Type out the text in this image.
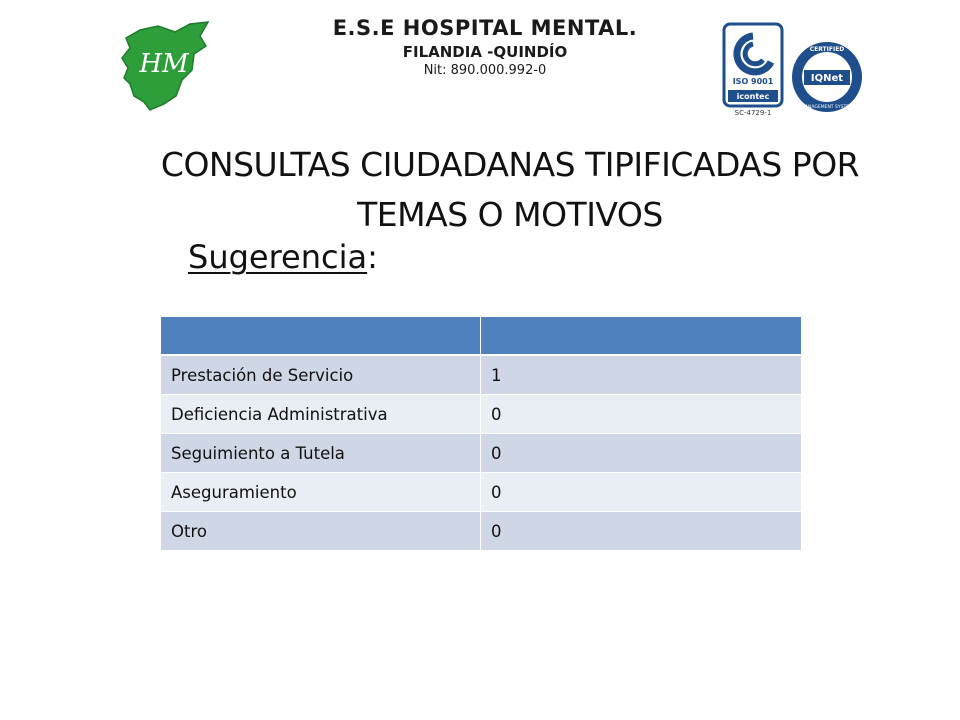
HM
E.S.E HOSPITAL MENTAL.
FILANDIA -QUINDÍO
Nit: 890.000.992-0
ISO 9001
icontec
SC-4729-1
IQNet
CERTIFIED
MANAGEMENT SYSTEM
CONSULTAS CIUDADANAS TIPIFICADAS POR TEMAS O MOTIVOS
Sugerencia:

Prestación de Servicio	1
Deficiencia Administrativa	0
Seguimiento a Tutela	0
Aseguramiento	0
Otro	0
